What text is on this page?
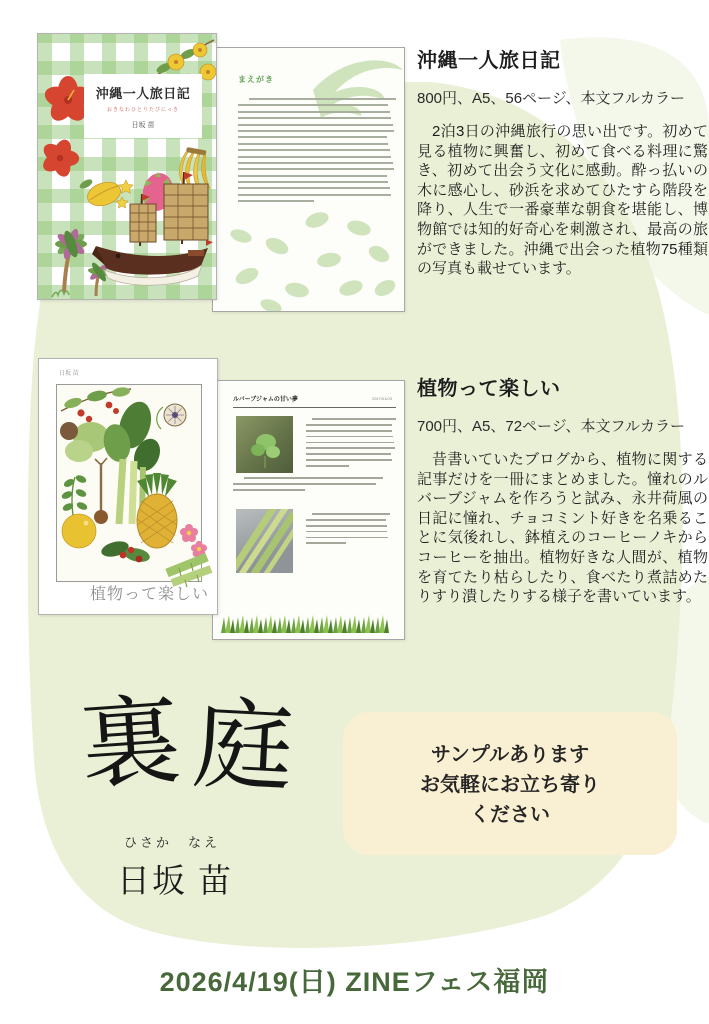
沖縄一人旅日記
おきなわひとりたびにっき
日坂 苗
まえがき
沖縄一人旅日記
800円、A5、56ページ、本文フルカラー

2泊3日の沖縄旅行の思い出です。初めて見る植物に興奮し、初めて食べる料理に驚き、初めて出会う文化に感動。酔っ払いの木に感心し、砂浜を求めてひたすら階段を降り、人生で一番豪華な朝食を堪能し、博物館では知的好奇心を刺激され、最高の旅ができました。沖縄で出会った植物75種類の写真も載せています。

日坂 苗
植物って楽しい
ルバーブジャムの甘い夢	2017/01/03 植物って楽しい
700円、A5、72ページ、本文フルカラー

昔書いていたブログから、植物に関する記事だけを一冊にまとめました。憧れのルバーブジャムを作ろうと試み、永井荷風の日記に憧れ、チョコミント好きを名乗ることに気後れし、鉢植えのコーヒーノキからコーヒーを抽出。植物好きな人間が、植物を育てたり枯らしたり、食べたり煮詰めたりすり潰したりする様子を書いています。

裏庭
ひさか　なえ
日坂 苗
サンプルあります
お気軽にお立ち寄り
ください
2026/4/19(日) ZINEフェス福岡
